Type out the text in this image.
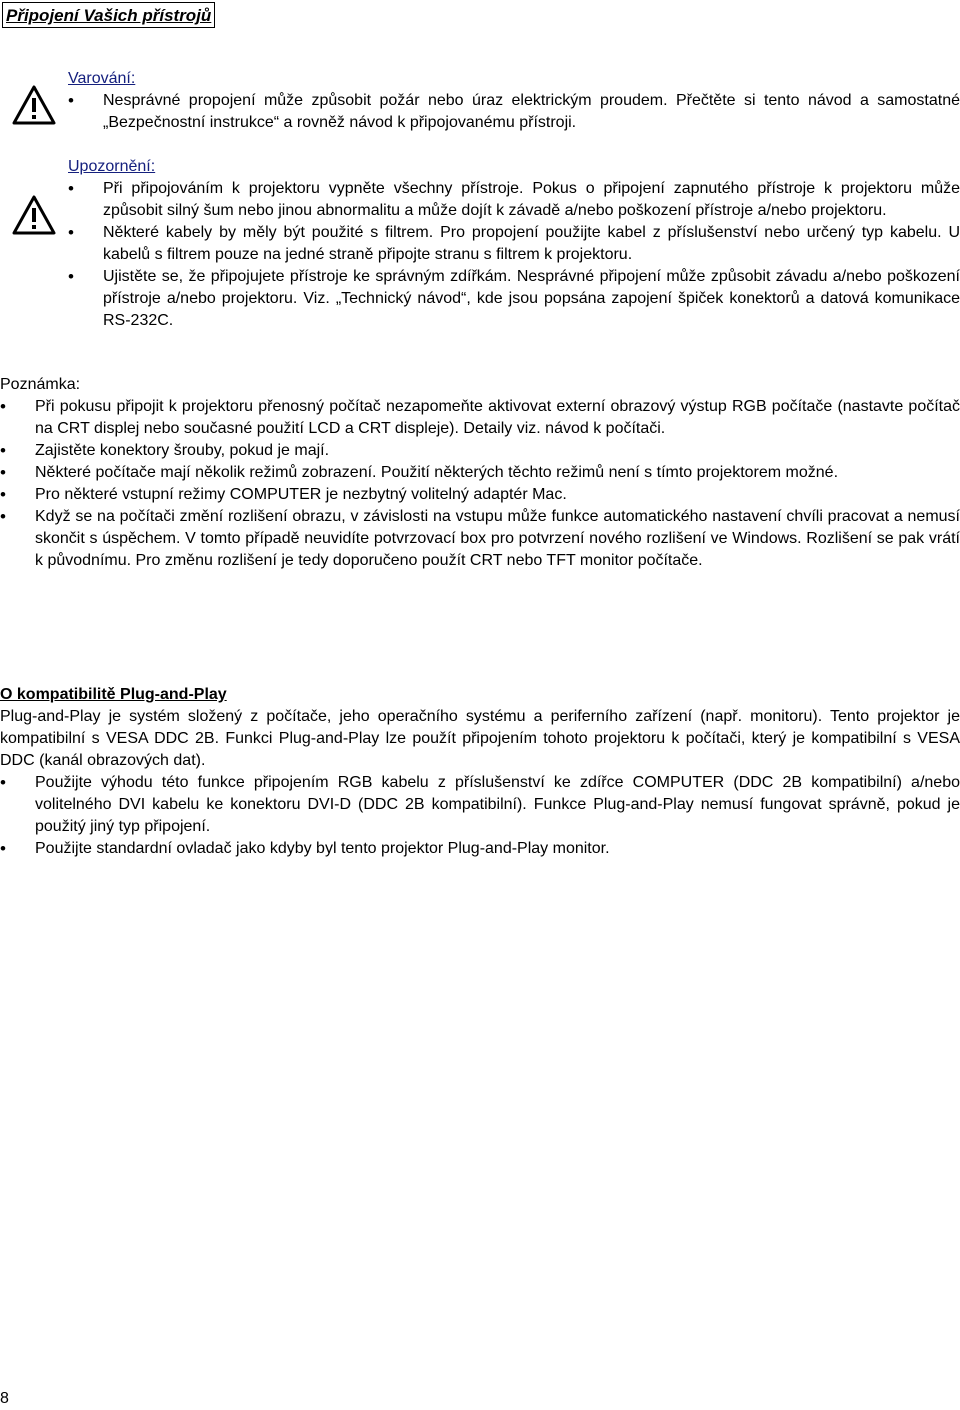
Připojení Vašich přístrojů
Varování:
• Nesprávné propojení může způsobit požár nebo úraz elektrickým proudem. Přečtěte si tento návod a samostatné „Bezpečnostní instrukce“ a rovněž návod k připojovanému přístroji.
Upozornění:
• Při připojováním k projektoru vypněte všechny přístroje. Pokus o připojení zapnutého přístroje k projektoru může způsobit silný šum nebo jinou abnormalitu a může dojít k závadě a/nebo poškození přístroje a/nebo projektoru.
• Některé kabely by měly být použité s filtrem. Pro propojení použijte kabel z příslušenství nebo určený typ kabelu. U kabelů s filtrem pouze na jedné straně připojte stranu s filtrem k projektoru.
• Ujistěte se, že připojujete přístroje ke správným zdířkám. Nesprávné připojení může způsobit závadu a/nebo poškození přístroje a/nebo projektoru. Viz. „Technický návod“, kde jsou popsána zapojení špiček konektorů a datová komunikace RS-232C.
Poznámka:
• Při pokusu připojit k projektoru přenosný počítač nezapomeňte aktivovat externí obrazový výstup RGB počítače (nastavte počítač na CRT displej nebo současné použití LCD a CRT displeje). Detaily viz. návod k počítači.
• Zajistěte konektory šrouby, pokud je mají.
• Některé počítače mají několik režimů zobrazení. Použití některých těchto režimů není s tímto projektorem možné.
• Pro některé vstupní režimy COMPUTER je nezbytný volitelný adaptér Mac.
• Když se na počítači změní rozlišení obrazu, v závislosti na vstupu může funkce automatického nastavení chvíli pracovat a nemusí skončit s úspěchem. V tomto případě neuvidíte potvrzovací box pro potvrzení nového rozlišení ve Windows. Rozlišení se pak vrátí k původnímu. Pro změnu rozlišení je tedy doporučeno použít CRT nebo TFT monitor počítače.
O kompatibilitě Plug-and-Play

Plug-and-Play je systém složený z počítače, jeho operačního systému a periferního zařízení (např. monitoru). Tento projektor je kompatibilní s VESA DDC 2B. Funkci Plug-and-Play lze použít připojením tohoto projektoru k počítači, který je kompatibilní s VESA DDC (kanál obrazových dat).

• Použijte výhodu této funkce připojením RGB kabelu z příslušenství ke zdířce COMPUTER (DDC 2B kompatibilní) a/nebo volitelného DVI kabelu ke konektoru DVI-D (DDC 2B kompatibilní). Funkce Plug-and-Play nemusí fungovat správně, pokud je použitý jiný typ připojení.
• Použijte standardní ovladač jako kdyby byl tento projektor Plug-and-Play monitor.
8
